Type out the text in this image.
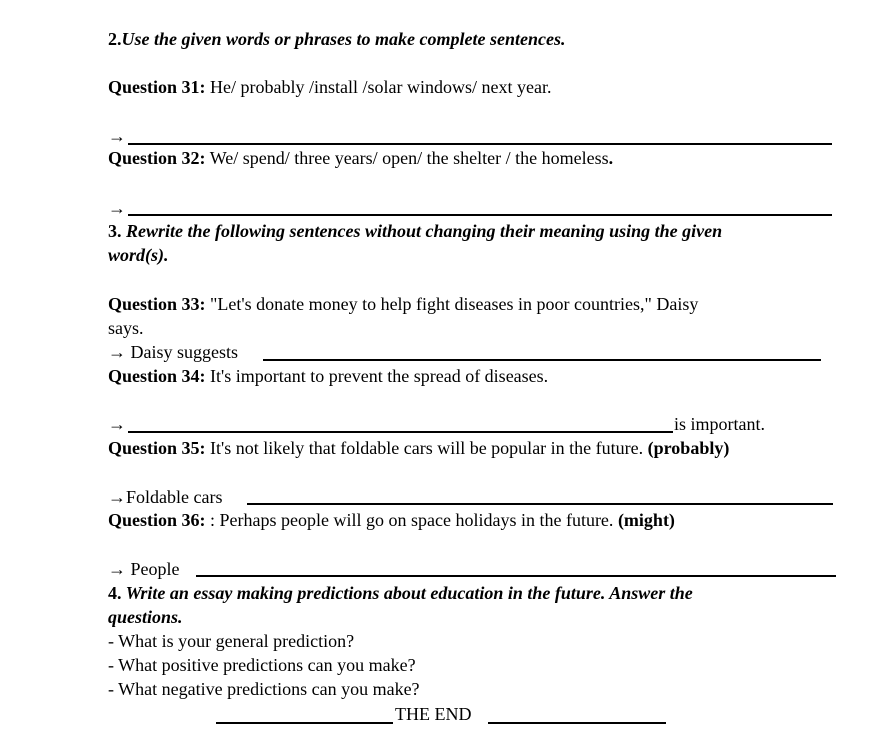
2.Use the given words or phrases to make complete sentences.
Question 31: He/ probably /install /solar windows/ next year.
→
Question 32: We/ spend/ three years/ open/ the shelter / the homeless.
→
3. Rewrite the following sentences without changing their meaning using the given
word(s).
Question 33: "Let's donate money to help fight diseases in poor countries," Daisy
says.
→ Daisy suggests
Question 34: It's important to prevent the spread of diseases.
→	is important.
Question 35: It's not likely that foldable cars will be popular in the future. (probably)
→Foldable cars
Question 36: : Perhaps people will go on space holidays in the future. (might)
→ People
4. Write an essay making predictions about education in the future. Answer the
questions.
- What is your general prediction?
- What positive predictions can you make?
- What negative predictions can you make?
THE END
